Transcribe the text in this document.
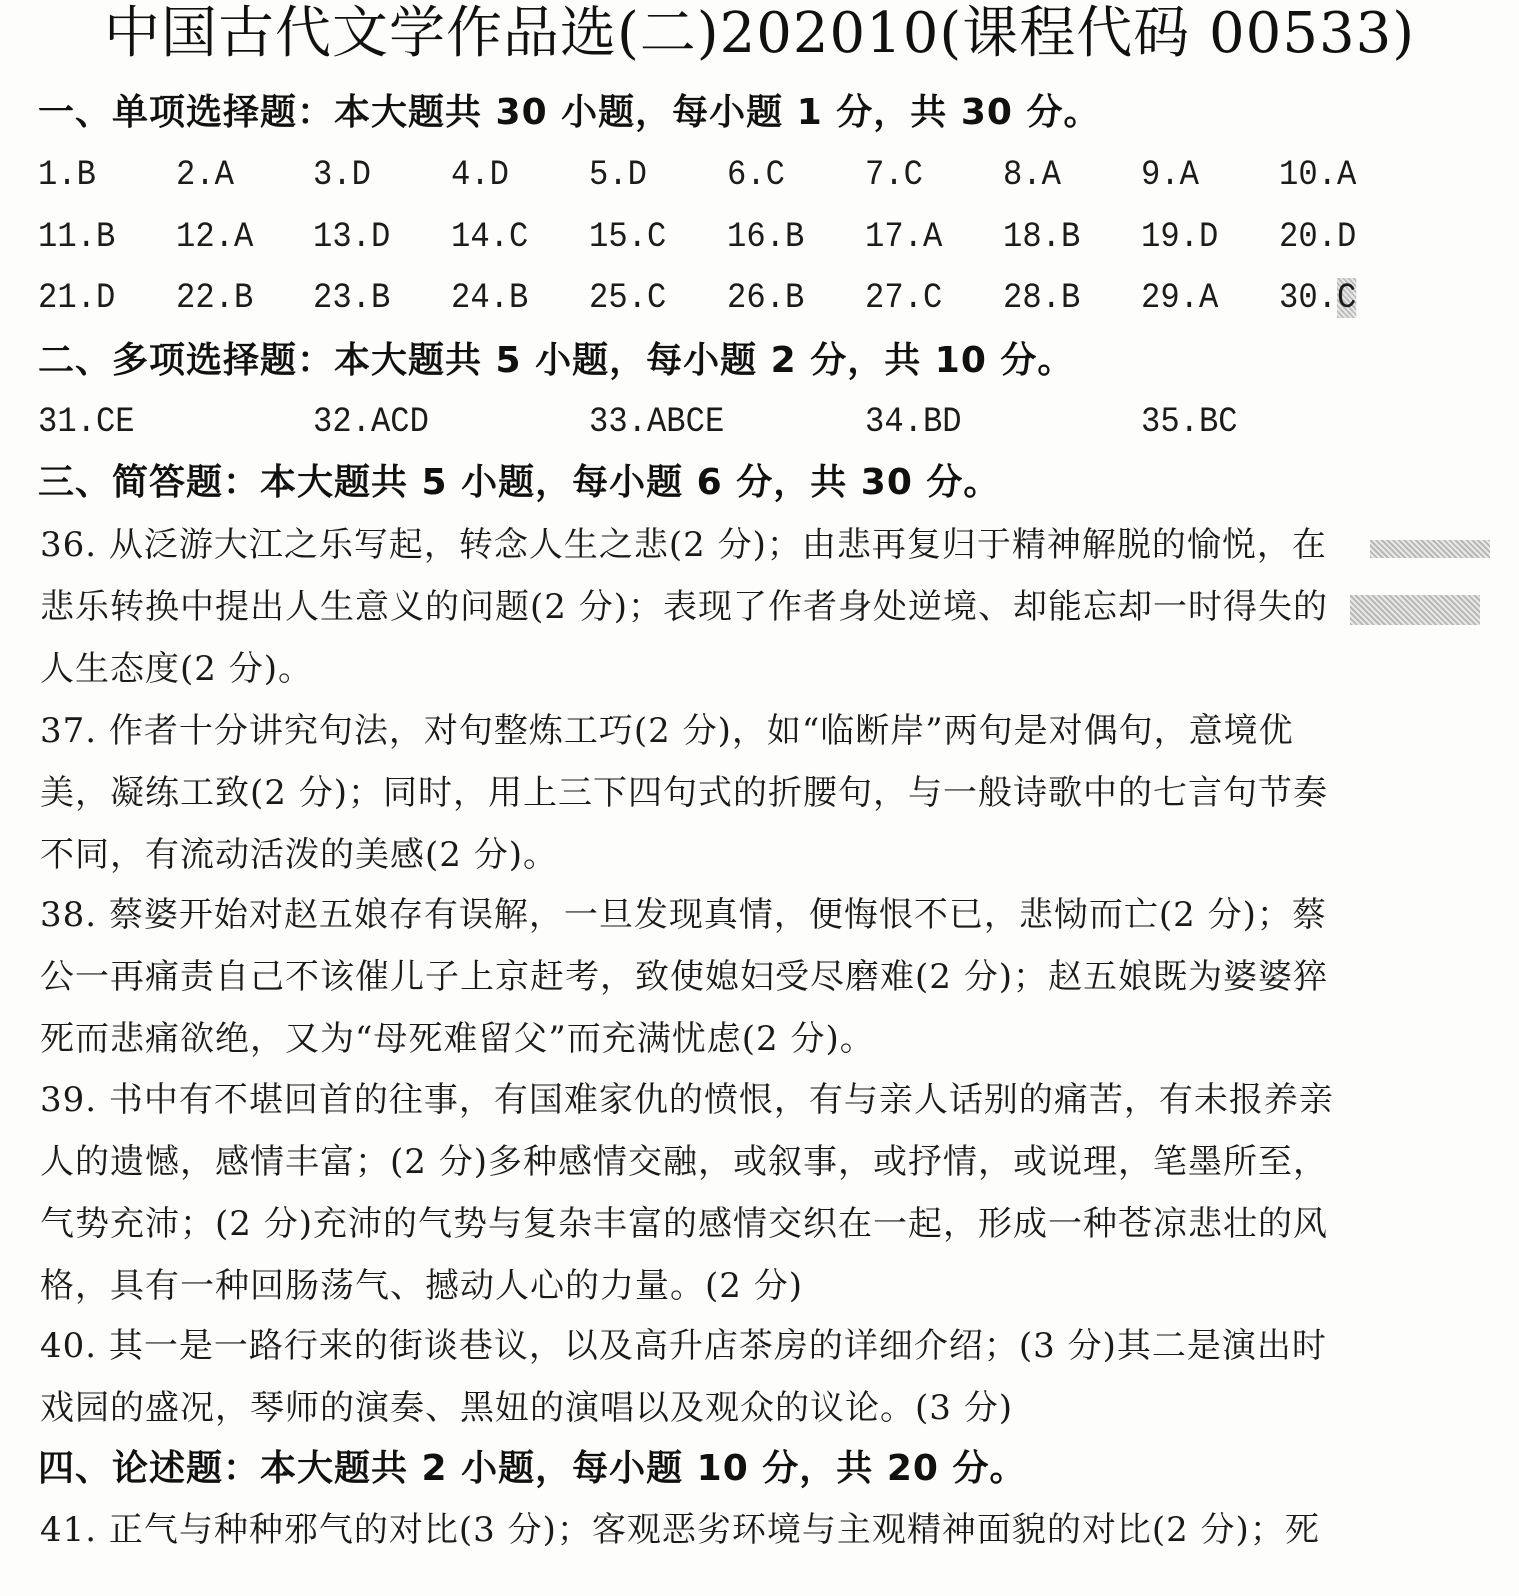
中国古代文学作品选(二)202010(课程代码 00533)
一、单项选择题：本大题共 30 小题，每小题 1 分，共 30 分。
1 . B 2 . A 3 . D 4 . D 5 . D 6 . C 7 . C 8 . A 9 . A 10 . A
11 . B 12 . A 13 . D 14 . C 15 . C 16 . B 17 . A 18 . B 19 . D 20 . D
21 . D 22 . B 23 . B 24 . B 25 . C 26 . B 27 . C 28 . B 29 . A 30 . C
二、多项选择题：本大题共 5 小题，每小题 2 分，共 10 分。
31 . CE	32 . ACD	33 . ABCE	34 . BD	35 . BC
三、简答题：本大题共 5 小题，每小题 6 分，共 30 分。
36. 从泛游大江之乐写起，转念人生之悲(2 分)；由悲再复归于精神解脱的愉悦，在
悲乐转换中提出人生意义的问题(2 分)；表现了作者身处逆境、却能忘却一时得失的
人生态度(2 分)。
37. 作者十分讲究句法，对句整炼工巧(2 分)，如“临断岸”两句是对偶句，意境优
美，凝练工致(2 分)；同时，用上三下四句式的折腰句，与一般诗歌中的七言句节奏
不同，有流动活泼的美感(2 分)。
38. 蔡婆开始对赵五娘存有误解，一旦发现真情，便悔恨不已，悲恸而亡(2 分)；蔡
公一再痛责自己不该催儿子上京赶考，致使媳妇受尽磨难(2 分)；赵五娘既为婆婆猝
死而悲痛欲绝，又为“母死难留父”而充满忧虑(2 分)。
39. 书中有不堪回首的往事，有国难家仇的愤恨，有与亲人话别的痛苦，有未报养亲
人的遗憾，感情丰富；(2 分)多种感情交融，或叙事，或抒情，或说理，笔墨所至，
气势充沛；(2 分)充沛的气势与复杂丰富的感情交织在一起，形成一种苍凉悲壮的风
格，具有一种回肠荡气、撼动人心的力量。(2 分)
40. 其一是一路行来的街谈巷议，以及高升店茶房的详细介绍；(3 分)其二是演出时
戏园的盛况，琴师的演奏、黑妞的演唱以及观众的议论。(3 分)
四、论述题：本大题共 2 小题，每小题 10 分，共 20 分。
41. 正气与种种邪气的对比(3 分)；客观恶劣环境与主观精神面貌的对比(2 分)；死
